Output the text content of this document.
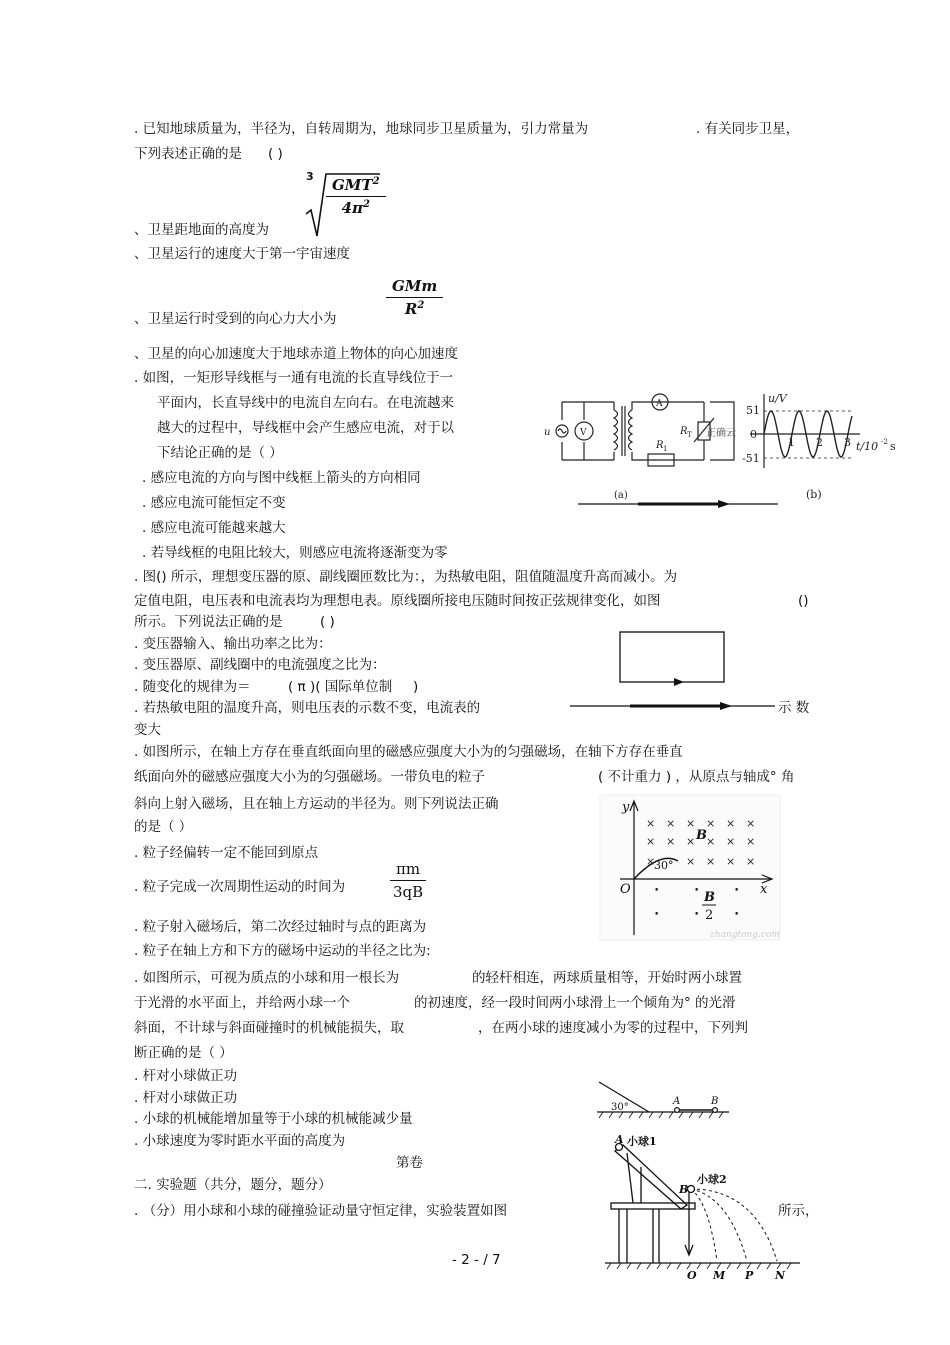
. 已知地球质量为，半径为，自转周期为，地球同步卫星质量为，引力常量为	. 有关同步卫星，
下列表述正确的是 ( )
、卫星距地面的高度为
3	GMT$^2$
$4\pi^2$
、卫星运行的速度大于第一宇宙速度
、卫星运行时受到的向心力大小为
GMm
$R^2$
、卫星的向心加速度大于地球赤道上物体的向心加速度
. 如图，一矩形导线框与一通有电流的长直导线位于一
平面内，长直导线中的电流自左向右。在电流越来
越大的过程中，导线框中会产生感应电流，对于以
下结论正确的是（ ）
. 感应电流的方向与图中线框上箭头的方向相同
. 感应电流可能恒定不变
. 感应电流可能越来越大
. 若导线框的电阻比较大，则感应电流将逐渐变为零
u	V
A
R T
R 1
正确云
(a)
51
0
-51
u/V
1 2 3 t/10 -2 s
(b)
. 图() 所示，理想变压器的原、副线圈匝数比为：，为热敏电阻，阻值随温度升高而减小。为
定值电阻，电压表和电流表均为理想电表。原线圈所接电压随时间按正弦规律变化，如图	()
所示。下列说法正确的是	( )
. 变压器输入、输出功率之比为：
. 变压器原、副线圈中的电流强度之比为：
. 随变化的规律为＝	( π )( 国际单位制 )
. 若热敏电阻的温度升高，则电压表的示数不变，电流表的	示 数
变大
. 如图所示，在轴上方存在垂直纸面向里的磁感应强度大小为的匀强磁场，在轴下方存在垂直
纸面向外的磁感应强度大小为的匀强磁场。一带负电的粒子	( 不计重力 ) ，从原点与轴成° 角
斜向上射入磁场，且在轴上方运动的半径为。则下列说法正确
的是（ ）
. 粒子经偏转一定不能回到原点
. 粒子完成一次周期性运动的时间为	$\frac{\pi m}{3qB}$
. 粒子射入磁场后，第二次经过轴时与点的距离为
. 粒子在轴上方和下方的磁场中运动的半径之比为:
× × × × × ×
× × × × × ×
×	× × × ×
•	•	•
•	•	•
y
x
O
B
B
2
30°
zhangtong.com
. 如图所示，可视为质点的小球和用一根长为	的轻杆相连，两球质量相等，开始时两小球置
于光滑的水平面上，并给两小球一个	的初速度，经一段时间两小球滑上一个倾角为° 的光滑
斜面，不计球与斜面碰撞时的机械能损失，取	，在两小球的速度减小为零的过程中，下列判
断正确的是（ ）
. 杆对小球做正功
. 杆对小球做正功
. 小球的机械能增加量等于小球的机械能减少量
. 小球速度为零时距水平面的高度为
30°
A	B
第卷
二. 实验题（共分，题分，题分）
. （分）用小球和小球的碰撞验证动量守恒定律，实验装置如图	所示，
A 小球1
B
小球2
O M P N
- 2 - / 7
